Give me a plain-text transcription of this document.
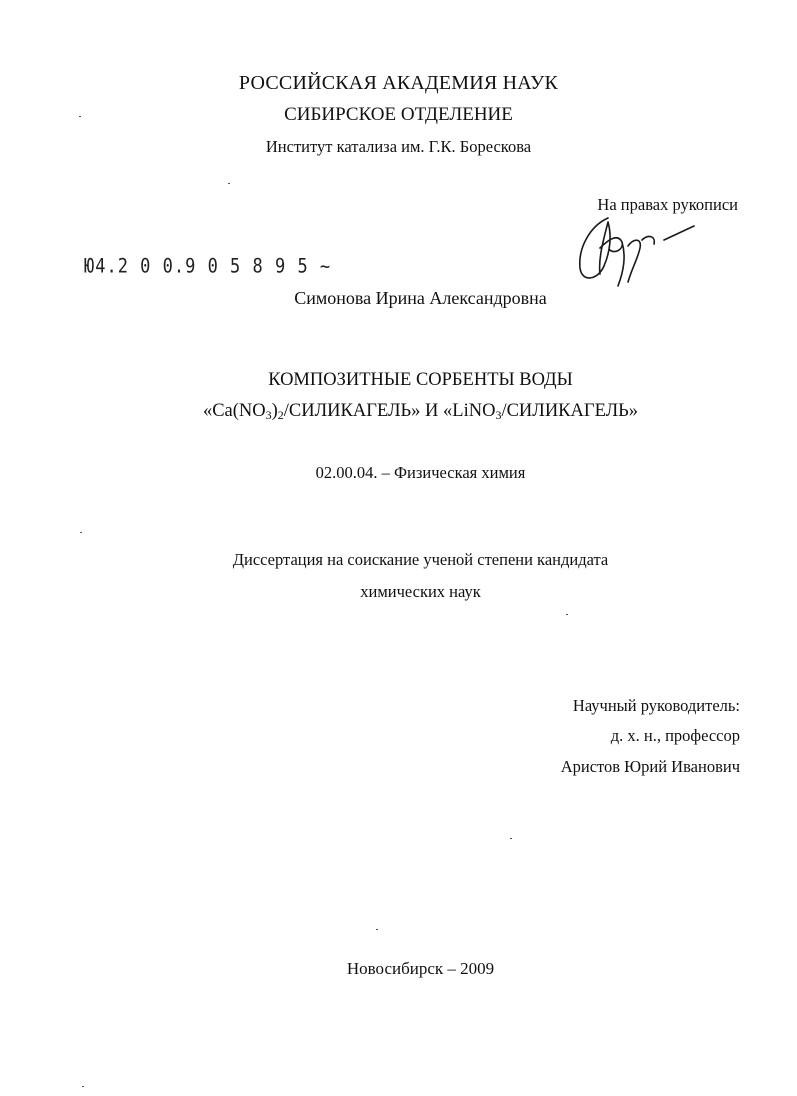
РОССИЙСКАЯ АКАДЕМИЯ НАУК
СИБИРСКОЕ ОТДЕЛЕНИЕ
Институт катализа им. Г.К. Борескова
На правах рукописи
Ю4.2 0 0.9 0 5 8 9 5 ~
Симонова Ирина Александровна
КОМПОЗИТНЫЕ СОРБЕНТЫ ВОДЫ
«$Ca(NO_3)_2$/СИЛИКАГЕЛЬ» И «LiNO$_3$/СИЛИКАГЕЛЬ»
02.00.04. – Физическая химия
Диссертация на соискание ученой степени кандидата
химических наук
Научный руководитель:
д. х. н., профессор
Аристов Юрий Иванович
Новосибирск – 2009
